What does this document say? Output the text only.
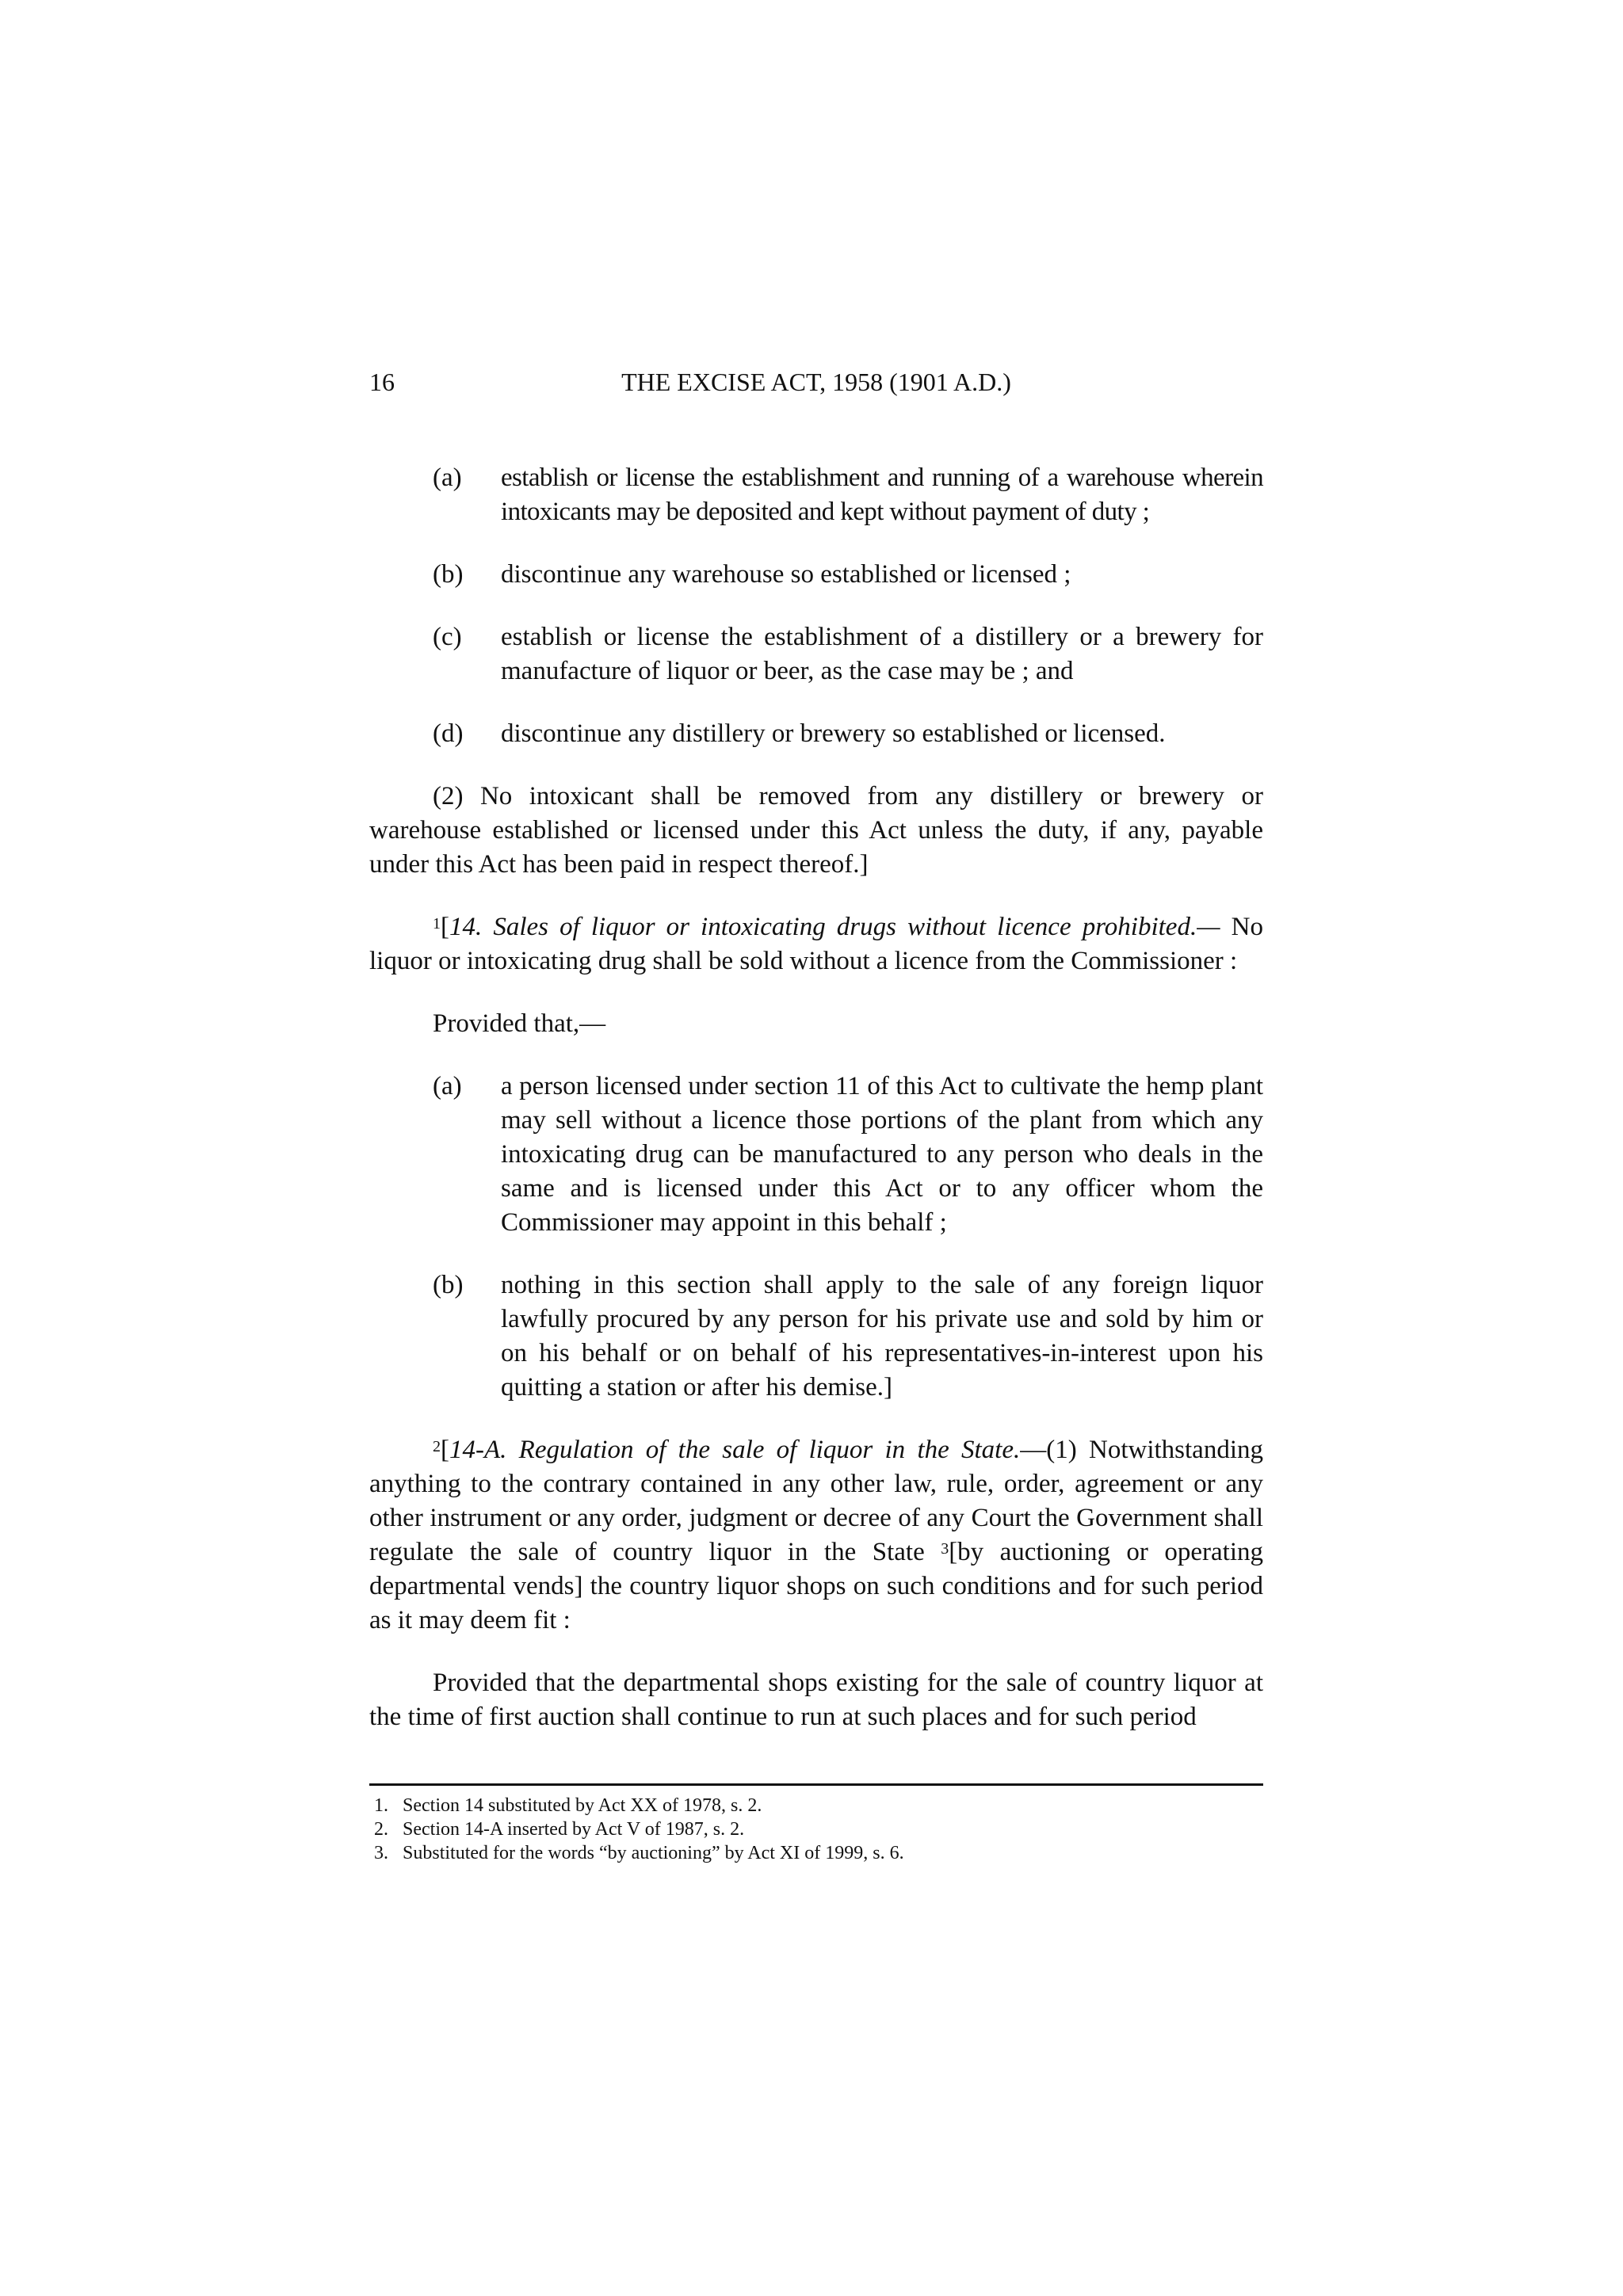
16	THE EXCISE ACT, 1958 (1901 A.D.)
(a)	establish or license the establishment and running of a warehouse wherein intoxicants may be deposited and kept without payment of duty ;
(b)	discontinue any warehouse so established or licensed ;
(c)	establish or license the establishment of a distillery or a brewery for manufacture of liquor or beer, as the case may be ; and
(d)	discontinue any distillery or brewery so established or licensed.

(2) No intoxicant shall be removed from any distillery or brewery or warehouse established or licensed under this Act unless the duty, if any, payable under this Act has been paid in respect thereof.]

$^1$[14. Sales of liquor or intoxicating drugs without licence prohibited.— No liquor or intoxicating drug shall be sold without a licence from the Commissioner :

Provided that,—

(a)	a person licensed under section 11 of this Act to cultivate the hemp plant may sell without a licence those portions of the plant from which any intoxicating drug can be manufactured to any person who deals in the same and is licensed under this Act or to any officer whom the Commissioner may appoint in this behalf ;
(b)	nothing in this section shall apply to the sale of any foreign liquor lawfully procured by any person for his private use and sold by him or on his behalf or on behalf of his representatives-in-interest upon his quitting a station or after his demise.]

$^2$[14-A. Regulation of the sale of liquor in the State.—(1) Notwithstanding anything to the contrary contained in any other law, rule, order, agreement or any other instrument or any order, judgment or decree of any Court the Government shall regulate the sale of country liquor in the State $^3$[by auctioning or operating departmental vends] the country liquor shops on such conditions and for such period as it may deem fit :

Provided that the departmental shops existing for the sale of country liquor at the time of first auction shall continue to run at such places and for such period

1. Section 14 substituted by Act XX of 1978, s. 2.
2. Section 14-A inserted by Act V of 1987, s. 2.
3. Substituted for the words “by auctioning” by Act XI of 1999, s. 6.
